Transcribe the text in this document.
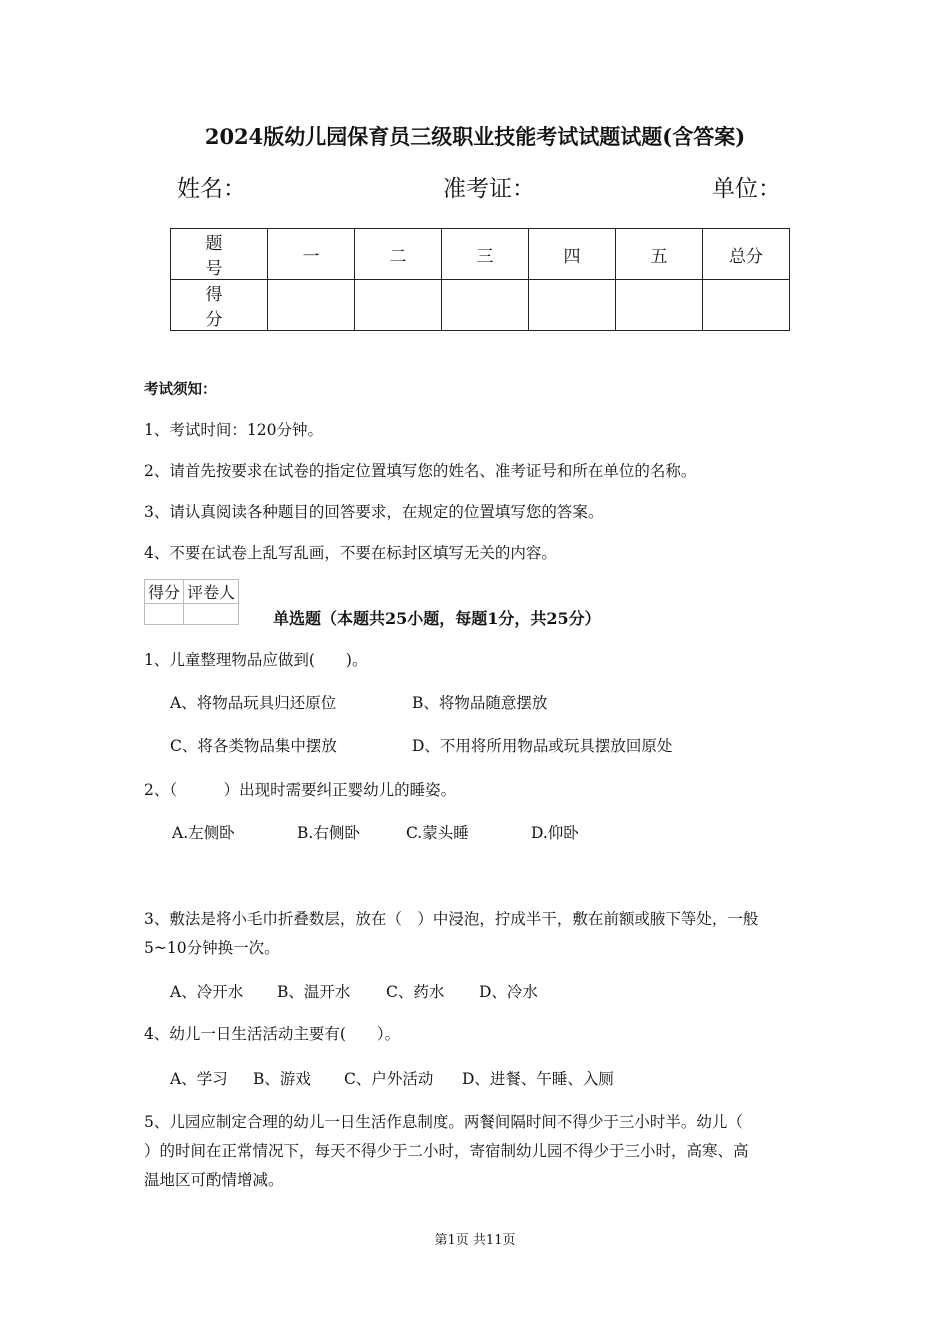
2024版幼儿园保育员三级职业技能考试试题试题(含答案)
姓名：	准考证：	单位：
题　号	一	二	三	四	五	总分
得　分						
考试须知：
1、考试时间：120分钟。
2、请首先按要求在试卷的指定位置填写您的姓名、准考证号和所在单位的名称。
3、请认真阅读各种题目的回答要求，在规定的位置填写您的答案。
4、不要在试卷上乱写乱画，不要在标封区填写无关的内容。
得分	评卷人

单选题（本题共25小题，每题1分，共25分）
1、儿童整理物品应做到(　　)。
A、将物品玩具归还原位	B、将物品随意摆放
C、将各类物品集中摆放	D、不用将所用物品或玩具摆放回原处
2、（　　　）出现时需要纠正婴幼儿的睡姿。
A.左侧卧	B.右侧卧	C.蒙头睡	D.仰卧
3、敷法是将小毛巾折叠数层，放在（　）中浸泡，拧成半干，敷在前额或腋下等处，一般
5~10分钟换一次。
A、冷开水 B、温开水 C、药水 D、冷水
4、幼儿一日生活活动主要有(　　）。
A、学习 B、游戏 C、户外活动 D、进餐、午睡、入厕
5、儿园应制定合理的幼儿一日生活作息制度。两餐间隔时间不得少于三小时半。幼儿（
）的时间在正常情况下，每天不得少于二小时，寄宿制幼儿园不得少于三小时，高寒、高
温地区可酌情增减。
第1页 共11页
